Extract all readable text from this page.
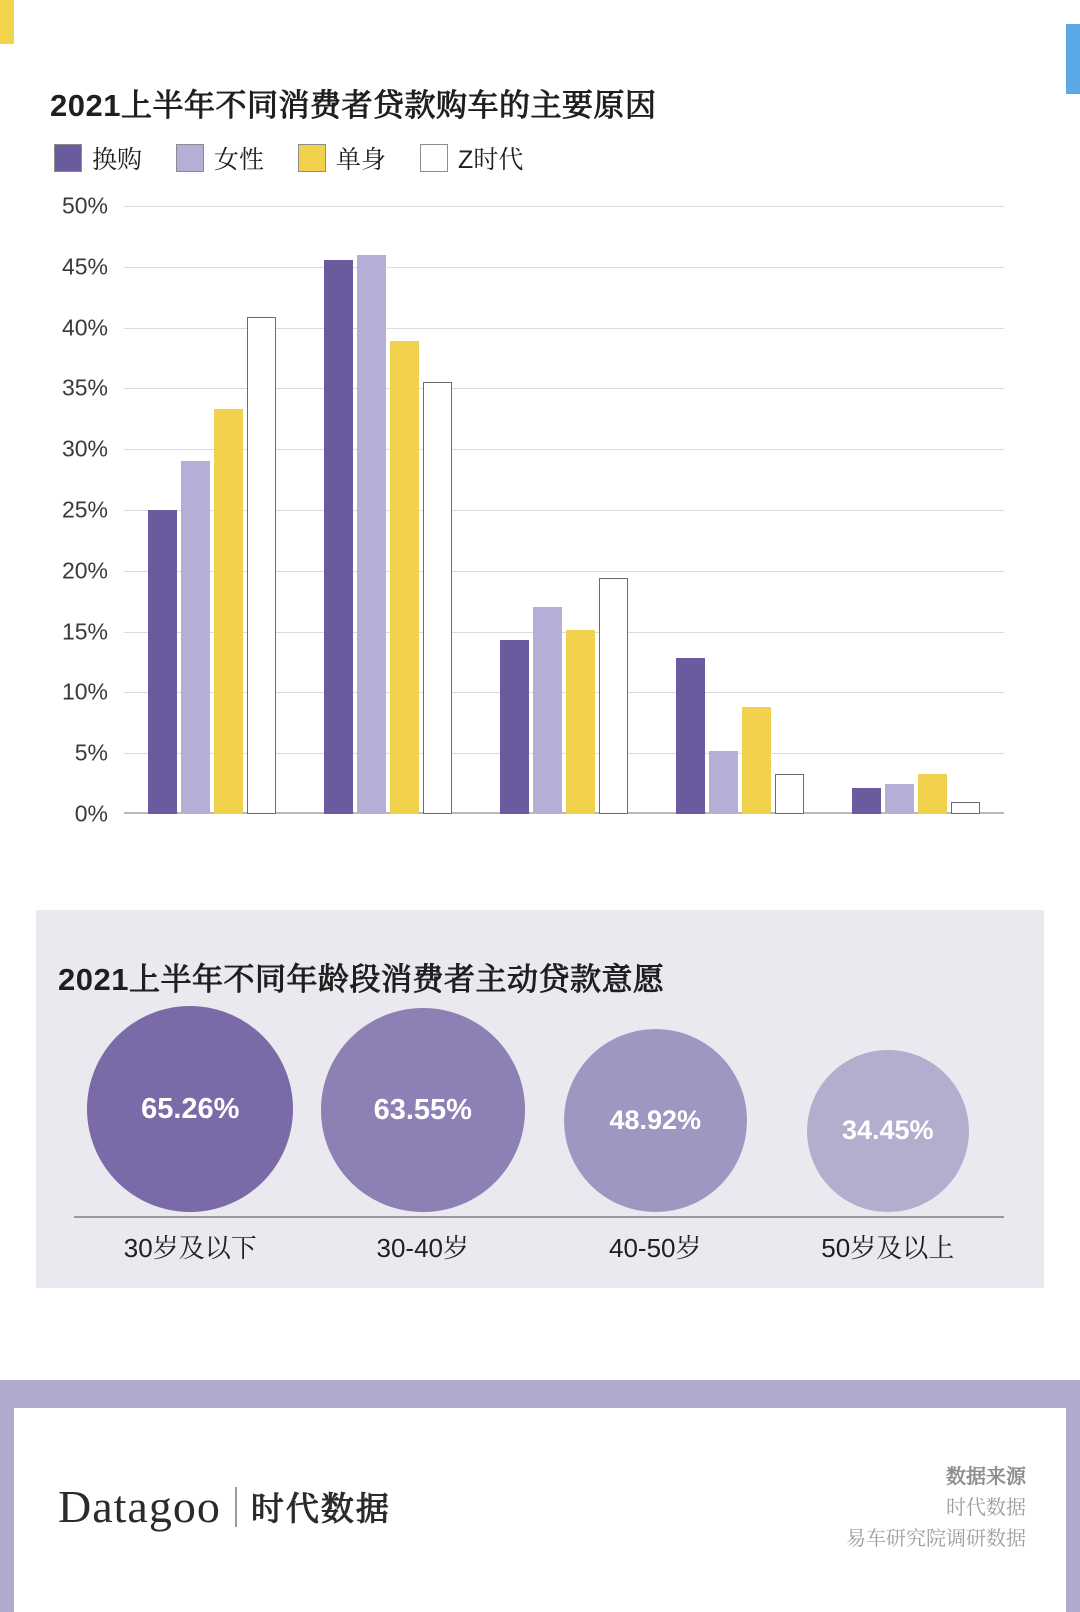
2021上半年不同消费者贷款购车的主要原因
换购	女性	单身	Z时代
0%
5%
10%
15%
20%
25%
30%
35%
40%
45%
50%
2021上半年不同年龄段消费者主动贷款意愿
65.26%	63.55%	48.92%	34.45%
30岁及以下	30-40岁	40-50岁	50岁及以上
Datagoo 时代数据
数据来源
时代数据
易车研究院调研数据
